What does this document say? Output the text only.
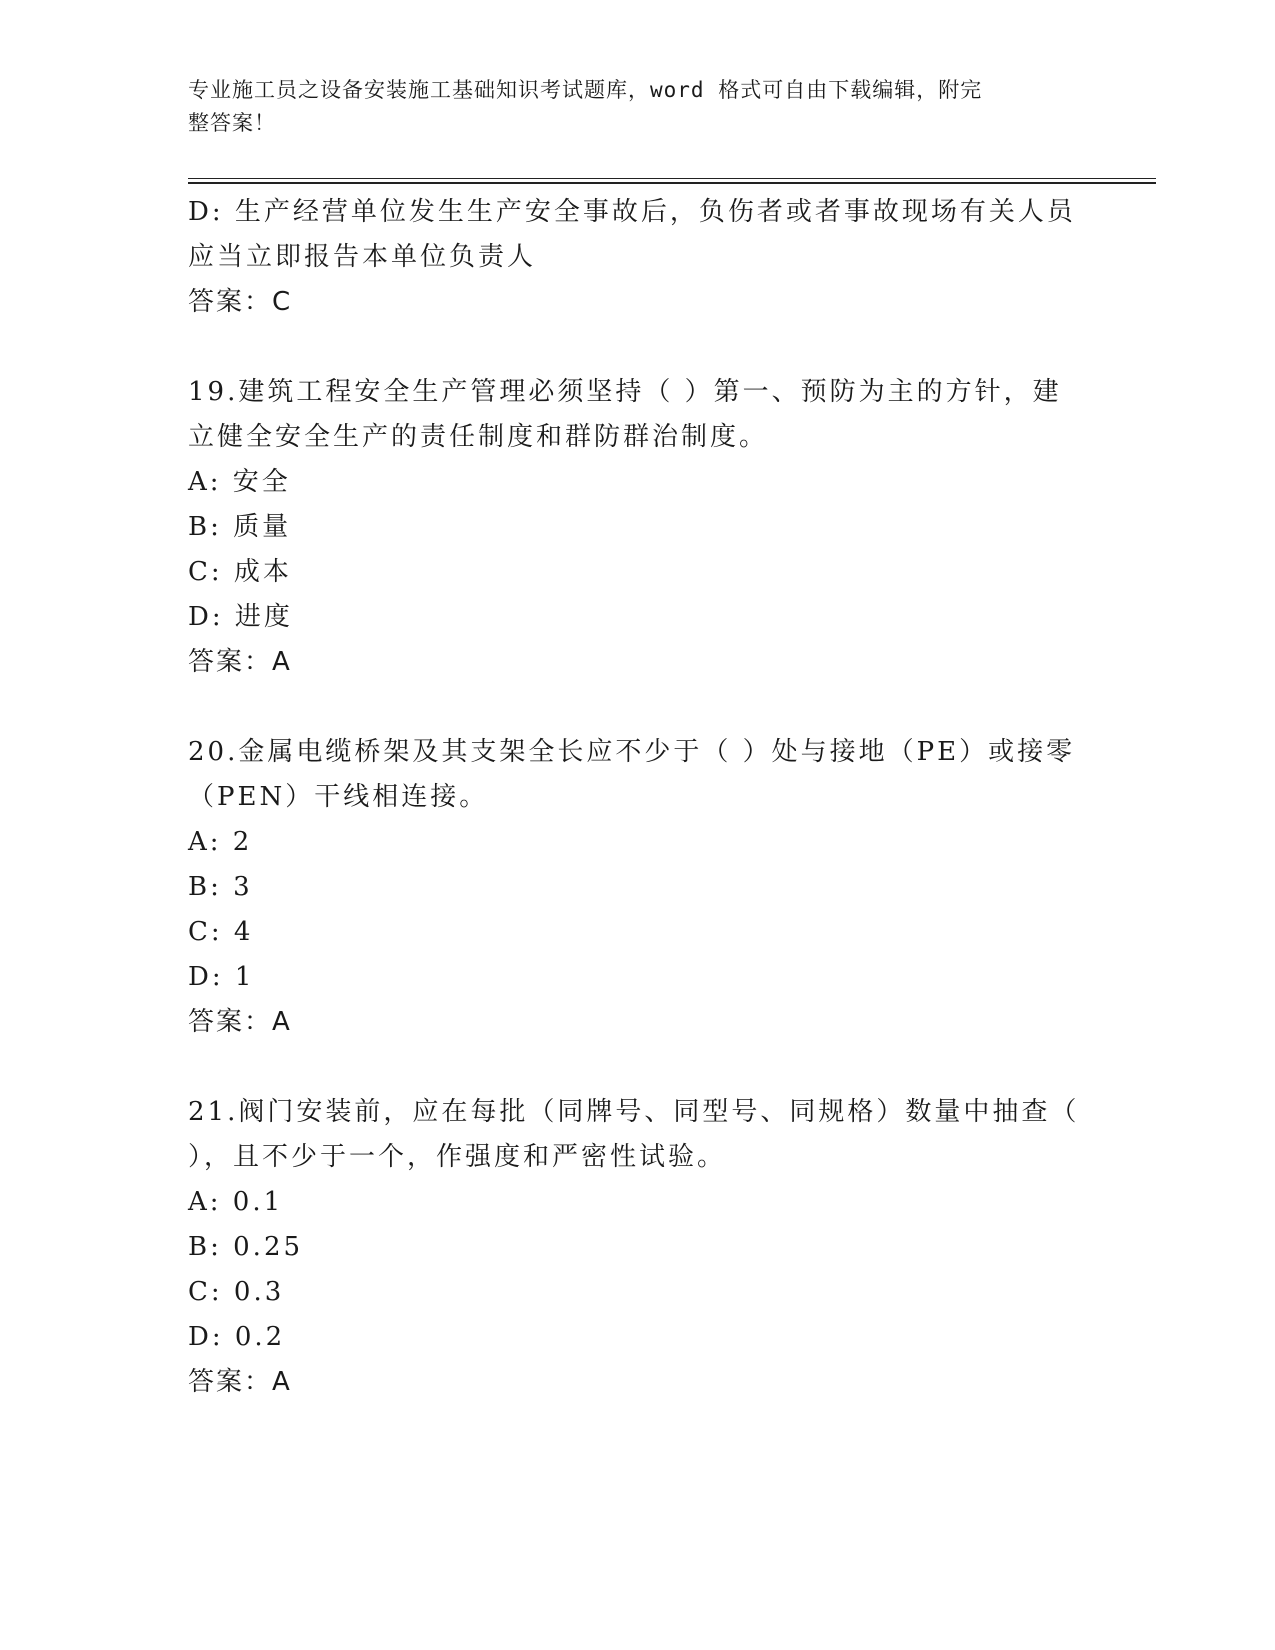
专业施工员之设备安装施工基础知识考试题库，word 格式可自由下载编辑，附完
整答案！
D: 生产经营单位发生生产安全事故后，负伤者或者事故现场有关人员
应当立即报告本单位负责人
答案：C
19.建筑工程安全生产管理必须坚持（ ）第一、预防为主的方针，建
立健全安全生产的责任制度和群防群治制度。
A: 安全
B: 质量
C: 成本
D: 进度
答案：A
20.金属电缆桥架及其支架全长应不少于（ ）处与接地（PE）或接零
（PEN）干线相连接。
A: 2
B: 3
C: 4
D: 1
答案：A
21.阀门安装前，应在每批（同牌号、同型号、同规格）数量中抽查（
），且不少于一个，作强度和严密性试验。
A: 0.1
B: 0.25
C: 0.3
D: 0.2
答案：A
